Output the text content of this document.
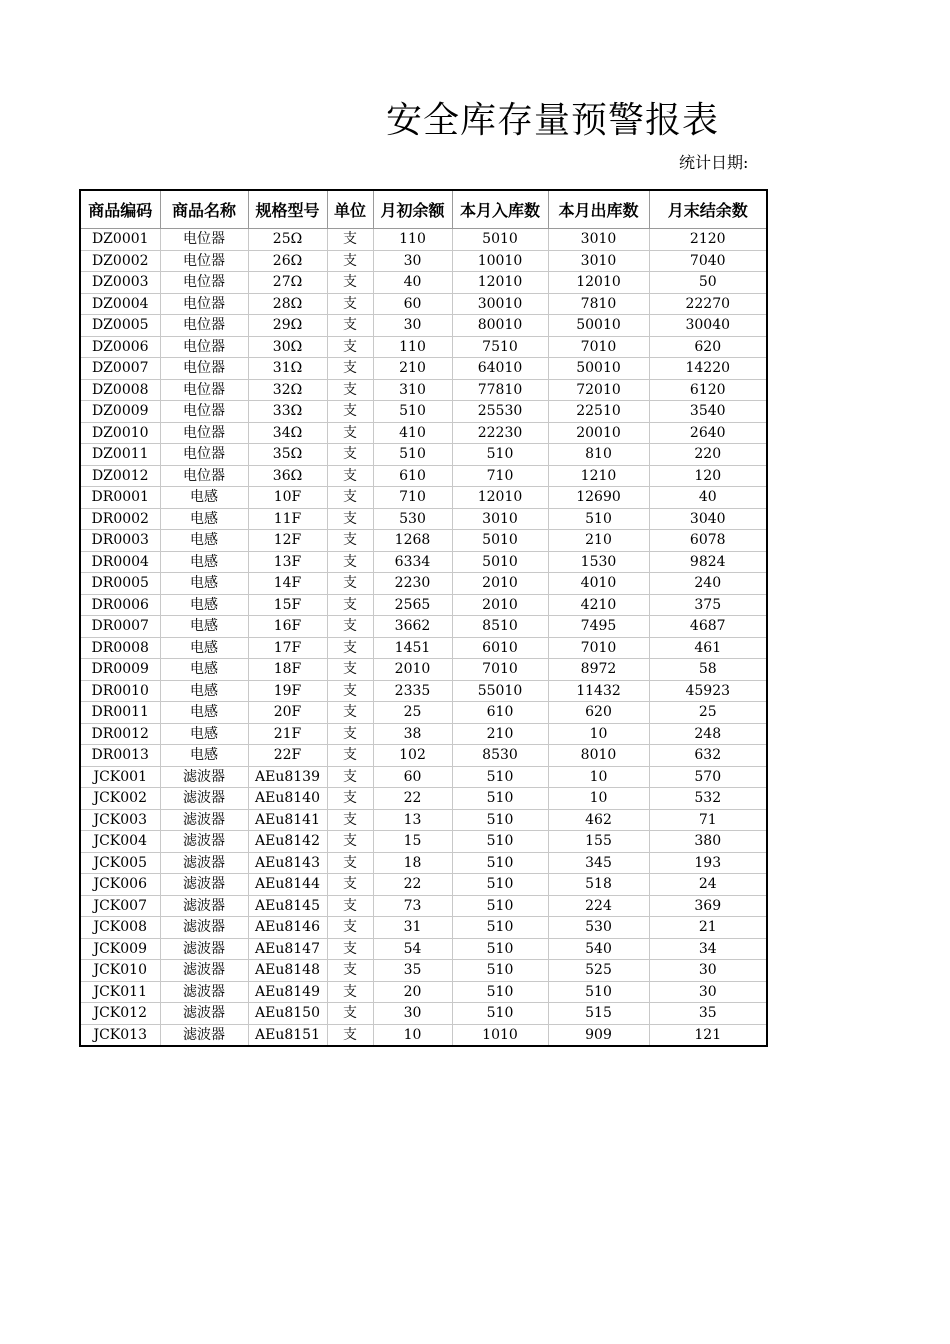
安全库存量预警报表
统计日期:
商品编码	商品名称	规格型号	单位	月初余额	本月入库数	本月出库数	月末结余数
DZ0001	电位器	25Ω	支	110	5010	3010	2120
DZ0002	电位器	26Ω	支	30	10010	3010	7040
DZ0003	电位器	27Ω	支	40	12010	12010	50
DZ0004	电位器	28Ω	支	60	30010	7810	22270
DZ0005	电位器	29Ω	支	30	80010	50010	30040
DZ0006	电位器	30Ω	支	110	7510	7010	620
DZ0007	电位器	31Ω	支	210	64010	50010	14220
DZ0008	电位器	32Ω	支	310	77810	72010	6120
DZ0009	电位器	33Ω	支	510	25530	22510	3540
DZ0010	电位器	34Ω	支	410	22230	20010	2640
DZ0011	电位器	35Ω	支	510	510	810	220
DZ0012	电位器	36Ω	支	610	710	1210	120
DR0001	电感	10F	支	710	12010	12690	40
DR0002	电感	11F	支	530	3010	510	3040
DR0003	电感	12F	支	1268	5010	210	6078
DR0004	电感	13F	支	6334	5010	1530	9824
DR0005	电感	14F	支	2230	2010	4010	240
DR0006	电感	15F	支	2565	2010	4210	375
DR0007	电感	16F	支	3662	8510	7495	4687
DR0008	电感	17F	支	1451	6010	7010	461
DR0009	电感	18F	支	2010	7010	8972	58
DR0010	电感	19F	支	2335	55010	11432	45923
DR0011	电感	20F	支	25	610	620	25
DR0012	电感	21F	支	38	210	10	248
DR0013	电感	22F	支	102	8530	8010	632
JCK001	滤波器	AEu8139	支	60	510	10	570
JCK002	滤波器	AEu8140	支	22	510	10	532
JCK003	滤波器	AEu8141	支	13	510	462	71
JCK004	滤波器	AEu8142	支	15	510	155	380
JCK005	滤波器	AEu8143	支	18	510	345	193
JCK006	滤波器	AEu8144	支	22	510	518	24
JCK007	滤波器	AEu8145	支	73	510	224	369
JCK008	滤波器	AEu8146	支	31	510	530	21
JCK009	滤波器	AEu8147	支	54	510	540	34
JCK010	滤波器	AEu8148	支	35	510	525	30
JCK011	滤波器	AEu8149	支	20	510	510	30
JCK012	滤波器	AEu8150	支	30	510	515	35
JCK013	滤波器	AEu8151	支	10	1010	909	121
